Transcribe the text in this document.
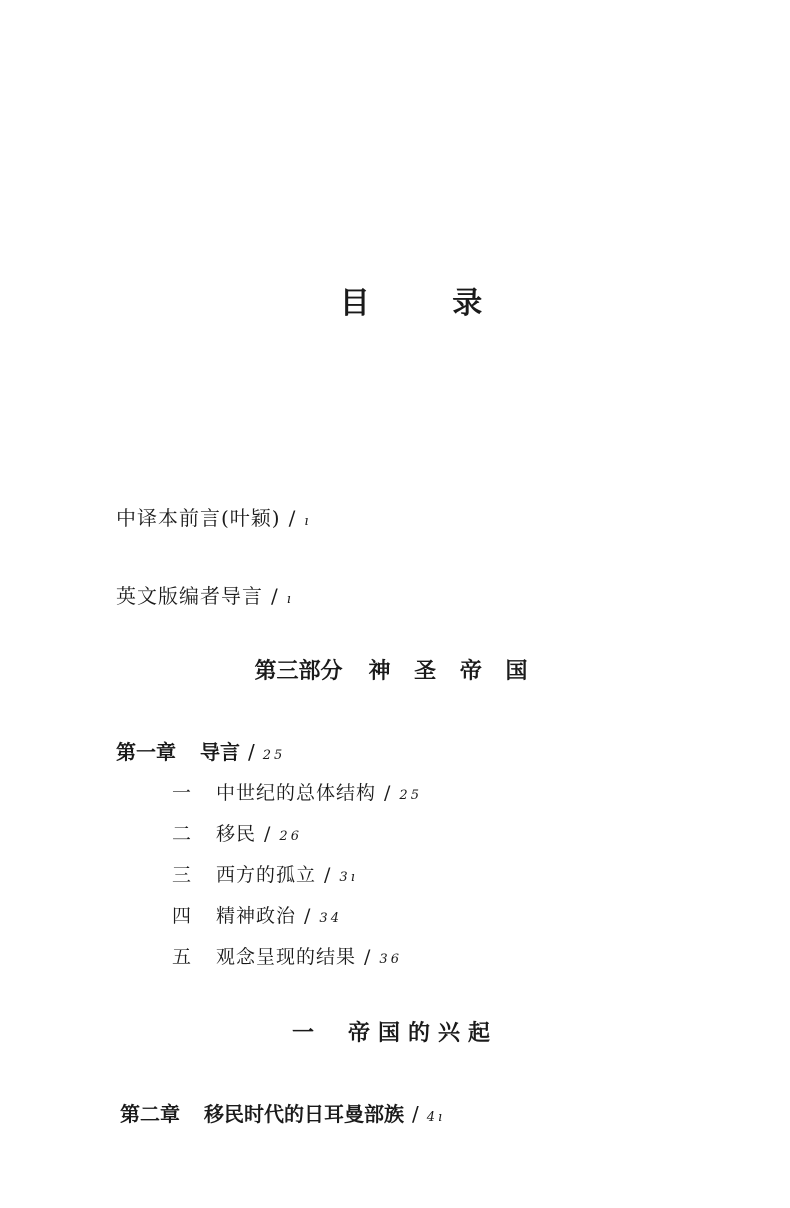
目 录
中译本前言(叶颖) / ı
英文版编者导言 / ı
第三部分 神 圣 帝 国
第一章 导言 / 25
一 中世纪的总体结构 / 25
二 移民 / 26
三 西方的孤立 / 3ı
四 精神政治 / 34
五 观念呈现的结果 / 36
一 帝国的兴起
第二章 移民时代的日耳曼部族 / 4ı
